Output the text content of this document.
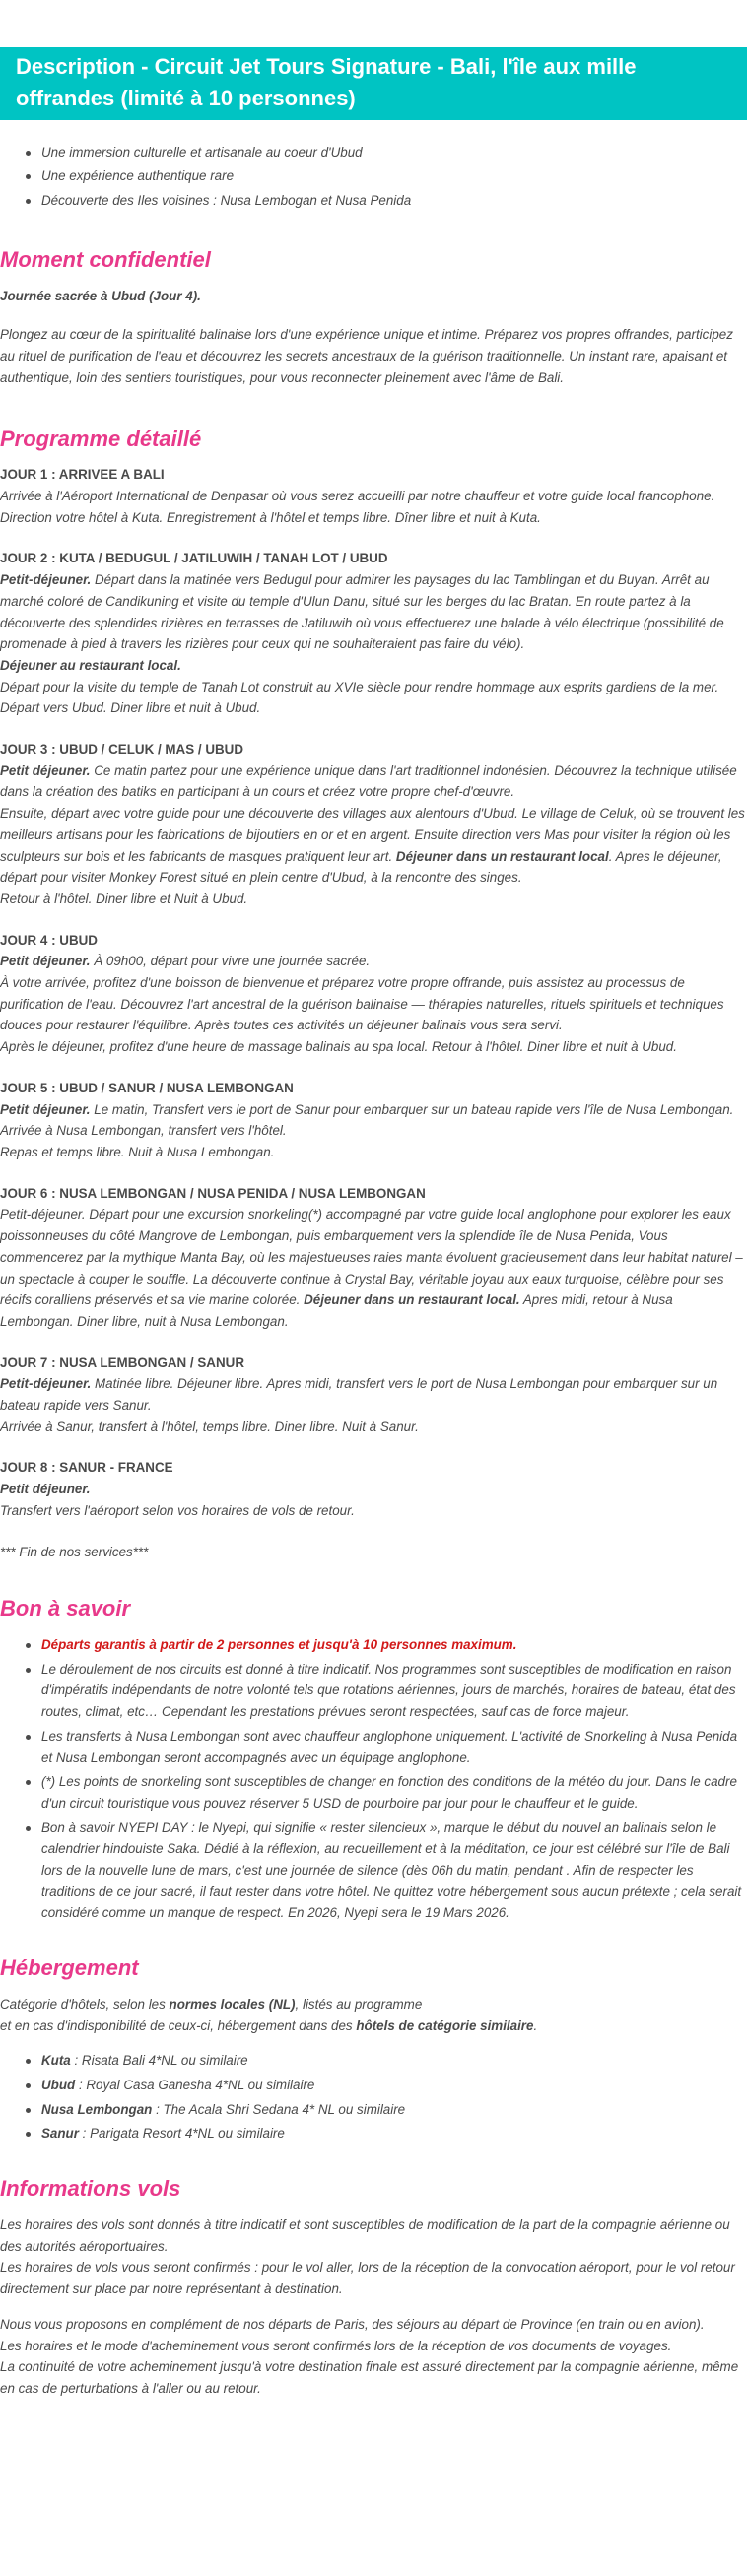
Description - Circuit Jet Tours Signature - Bali, l'île aux mille offrandes (limité à 10 personnes)
Une immersion culturelle et artisanale au coeur d'Ubud
Une expérience authentique rare
Découverte des Iles voisines : Nusa Lembogan et Nusa Penida
Moment confidentiel

Journée sacrée à Ubud (Jour 4).

Plongez au cœur de la spiritualité balinaise lors d'une expérience unique et intime. Préparez vos propres offrandes, participez au rituel de purification de l'eau et découvrez les secrets ancestraux de la guérison traditionnelle. Un instant rare, apaisant et authentique, loin des sentiers touristiques, pour vous reconnecter pleinement avec l'âme de Bali.

Programme détaillé
JOUR 1 : ARRIVEE A BALI
Arrivée à l'Aéroport International de Denpasar où vous serez accueilli par notre chauffeur et votre guide local francophone. Direction votre hôtel à Kuta. Enregistrement à l'hôtel et temps libre. Dîner libre et nuit à Kuta.
JOUR 2 : KUTA / BEDUGUL / JATILUWIH / TANAH LOT / UBUD
Petit-déjeuner. Départ dans la matinée vers Bedugul pour admirer les paysages du lac Tamblingan et du Buyan. Arrêt au marché coloré de Candikuning et visite du temple d'Ulun Danu, situé sur les berges du lac Bratan. En route partez à la découverte des splendides rizières en terrasses de Jatiluwih où vous effectuerez une balade à vélo électrique (possibilité de promenade à pied à travers les rizières pour ceux qui ne souhaiteraient pas faire du vélo).
Déjeuner au restaurant local.
Départ pour la visite du temple de Tanah Lot construit au XVIe siècle pour rendre hommage aux esprits gardiens de la mer.
Départ vers Ubud. Diner libre et nuit à Ubud.
JOUR 3 : UBUD / CELUK / MAS / UBUD
Petit déjeuner. Ce matin partez pour une expérience unique dans l'art traditionnel indonésien. Découvrez la technique utilisée dans la création des batiks en participant à un cours et créez votre propre chef-d'œuvre.
Ensuite, départ avec votre guide pour une découverte des villages aux alentours d'Ubud. Le village de Celuk, où se trouvent les meilleurs artisans pour les fabrications de bijoutiers en or et en argent. Ensuite direction vers Mas pour visiter la région où les sculpteurs sur bois et les fabricants de masques pratiquent leur art. Déjeuner dans un restaurant local. Apres le déjeuner, départ pour visiter Monkey Forest situé en plein centre d'Ubud, à la rencontre des singes.
Retour à l'hôtel. Diner libre et Nuit à Ubud.
JOUR 4 : UBUD
Petit déjeuner. À 09h00, départ pour vivre une journée sacrée.
À votre arrivée, profitez d'une boisson de bienvenue et préparez votre propre offrande, puis assistez au processus de purification de l'eau. Découvrez l'art ancestral de la guérison balinaise — thérapies naturelles, rituels spirituels et techniques douces pour restaurer l'équilibre. Après toutes ces activités un déjeuner balinais vous sera servi.
Après le déjeuner, profitez d'une heure de massage balinais au spa local. Retour à l'hôtel. Diner libre et nuit à Ubud.
JOUR 5 : UBUD / SANUR / NUSA LEMBONGAN
Petit déjeuner. Le matin, Transfert vers le port de Sanur pour embarquer sur un bateau rapide vers l'île de Nusa Lembongan. Arrivée à Nusa Lembongan, transfert vers l'hôtel.
Repas et temps libre. Nuit à Nusa Lembongan.
JOUR 6 : NUSA LEMBONGAN / NUSA PENIDA / NUSA LEMBONGAN
Petit-déjeuner. Départ pour une excursion snorkeling(*) accompagné par votre guide local anglophone pour explorer les eaux poissonneuses du côté Mangrove de Lembongan, puis embarquement vers la splendide île de Nusa Penida, Vous commencerez par la mythique Manta Bay, où les majestueuses raies manta évoluent gracieusement dans leur habitat naturel – un spectacle à couper le souffle. La découverte continue à Crystal Bay, véritable joyau aux eaux turquoise, célèbre pour ses récifs coralliens préservés et sa vie marine colorée. Déjeuner dans un restaurant local. Apres midi, retour à Nusa Lembongan. Diner libre, nuit à Nusa Lembongan.
JOUR 7 : NUSA LEMBONGAN / SANUR
Petit-déjeuner. Matinée libre. Déjeuner libre. Apres midi, transfert vers le port de Nusa Lembongan pour embarquer sur un bateau rapide vers Sanur.
Arrivée à Sanur, transfert à l'hôtel, temps libre. Diner libre. Nuit à Sanur.
JOUR 8 : SANUR - FRANCE
Petit déjeuner.
Transfert vers l'aéroport selon vos horaires de vols de retour.

*** Fin de nos services***

Bon à savoir
Départs garantis à partir de 2 personnes et jusqu'à 10 personnes maximum.
Le déroulement de nos circuits est donné à titre indicatif. Nos programmes sont susceptibles de modification en raison d'impératifs indépendants de notre volonté tels que rotations aériennes, jours de marchés, horaires de bateau, état des routes, climat, etc… Cependant les prestations prévues seront respectées, sauf cas de force majeur.
Les transferts à Nusa Lembongan sont avec chauffeur anglophone uniquement. L'activité de Snorkeling à Nusa Penida et Nusa Lembongan seront accompagnés avec un équipage anglophone.
(*) Les points de snorkeling sont susceptibles de changer en fonction des conditions de la météo du jour. Dans le cadre d'un circuit touristique vous pouvez réserver 5 USD de pourboire par jour pour le chauffeur et le guide.
Bon à savoir NYEPI DAY : le Nyepi, qui signifie « rester silencieux », marque le début du nouvel an balinais selon le calendrier hindouiste Saka. Dédié à la réflexion, au recueillement et à la méditation, ce jour est célébré sur l'île de Bali lors de la nouvelle lune de mars, c'est une journée de silence (dès 06h du matin, pendant . Afin de respecter les traditions de ce jour sacré, il faut rester dans votre hôtel. Ne quittez votre hébergement sous aucun prétexte ; cela serait considéré comme un manque de respect. En 2026, Nyepi sera le 19 Mars 2026.
Hébergement
Catégorie d'hôtels, selon les normes locales (NL), listés au programme
et en cas d'indisponibilité de ceux-ci, hébergement dans des hôtels de catégorie similaire.
Kuta : Risata Bali 4*NL ou similaire
Ubud : Royal Casa Ganesha 4*NL ou similaire
Nusa Lembongan : The Acala Shri Sedana 4* NL ou similaire
Sanur : Parigata Resort 4*NL ou similaire
Informations vols
Les horaires des vols sont donnés à titre indicatif et sont susceptibles de modification de la part de la compagnie aérienne ou des autorités aéroportuaires.
Les horaires de vols vous seront confirmés : pour le vol aller, lors de la réception de la convocation aéroport, pour le vol retour directement sur place par notre représentant à destination.
Nous vous proposons en complément de nos départs de Paris, des séjours au départ de Province (en train ou en avion).
Les horaires et le mode d'acheminement vous seront confirmés lors de la réception de vos documents de voyages.
La continuité de votre acheminement jusqu'à votre destination finale est assuré directement par la compagnie aérienne, même en cas de perturbations à l'aller ou au retour.
